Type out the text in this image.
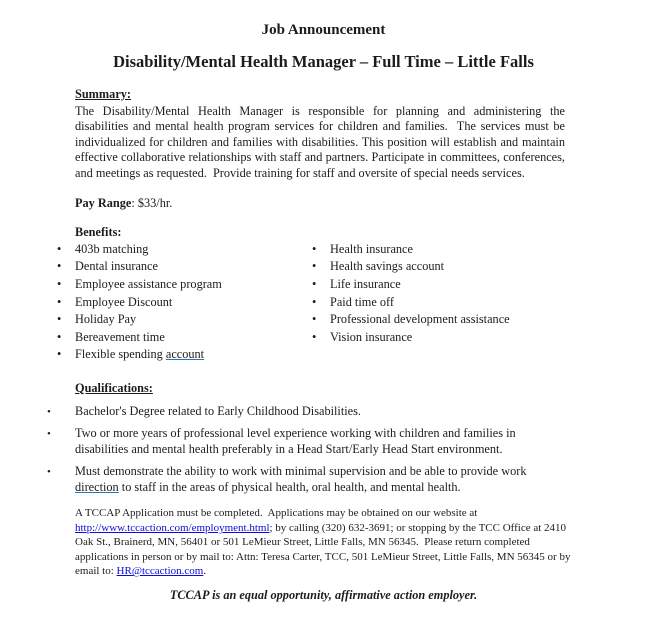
Job Announcement
Disability/Mental Health Manager – Full Time – Little Falls
Summary:

The Disability/Mental Health Manager is responsible for planning and administering the disabilities and mental health program services for children and families.  The services must be individualized for children and families with disabilities. This position will establish and maintain effective collaborative relationships with staff and partners. Participate in committees, conferences, and meetings as requested.  Provide training for staff and oversite of special needs services.

Pay Range: $33/hr.

Benefits:
• 403b matching
• Dental insurance
• Employee assistance program
• Employee Discount
• Holiday Pay
• Bereavement time
• Flexible spending account
• Health insurance
• Health savings account
• Life insurance
• Paid time off
• Professional development assistance
• Vision insurance
Qualifications:
• Bachelor's Degree related to Early Childhood Disabilities.
• Two or more years of professional level experience working with children and families in disabilities and mental health preferably in a Head Start/Early Head Start environment.
• Must demonstrate the ability to work with minimal supervision and be able to provide work direction to staff in the areas of physical health, oral health, and mental health.

A TCCAP Application must be completed.  Applications may be obtained on our website at http://www.tccaction.com/employment.html; by calling (320) 632-3691; or stopping by the TCC Office at 2410 Oak St., Brainerd, MN, 56401 or 501 LeMieur Street, Little Falls, MN 56345.  Please return completed applications in person or by mail to: Attn: Teresa Carter, TCC, 501 LeMieur Street, Little Falls, MN 56345 or by email to: HR@tccaction.com.

TCCAP is an equal opportunity, affirmative action employer.
